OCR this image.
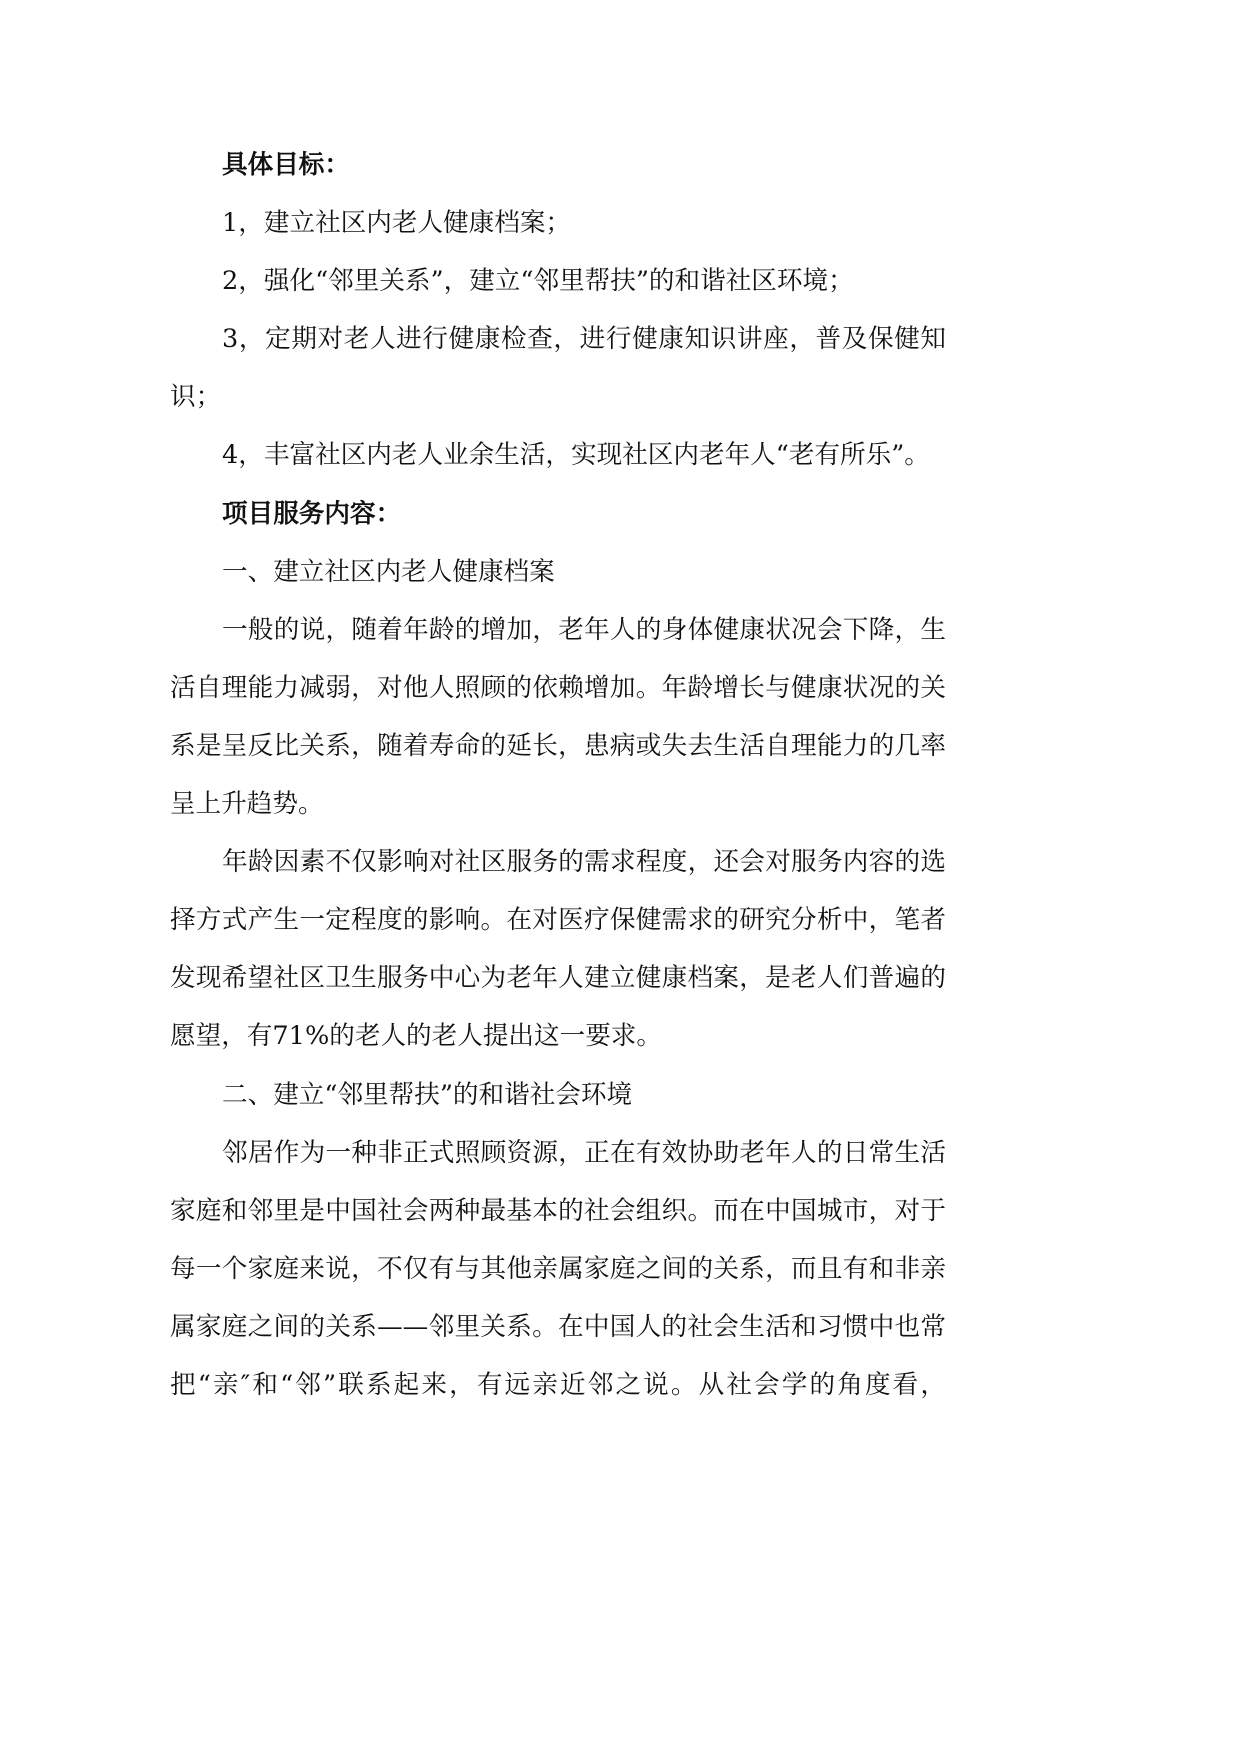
具体目标：
1，建立社区内老人健康档案；
2，强化“邻里关系”，建立“邻里帮扶”的和谐社区环境；
3，定期对老人进行健康检查，进行健康知识讲座，普及保健知
识；
4，丰富社区内老人业余生活，实现社区内老年人“老有所乐”。
项目服务内容：
一、建立社区内老人健康档案
一般的说，随着年龄的增加，老年人的身体健康状况会下降，生
活自理能力减弱，对他人照顾的依赖增加。年龄增长与健康状况的关
系是呈反比关系，随着寿命的延长，患病或失去生活自理能力的几率
呈上升趋势。
年龄因素不仅影响对社区服务的需求程度，还会对服务内容的选
择方式产生一定程度的影响。在对医疗保健需求的研究分析中，笔者
发现希望社区卫生服务中心为老年人建立健康档案，是老人们普遍的
愿望，有71%的老人的老人提出这一要求。
二、建立“邻里帮扶”的和谐社会环境
邻居作为一种非正式照顾资源，正在有效协助老年人的日常生活
家庭和邻里是中国社会两种最基本的社会组织。而在中国城市，对于
每一个家庭来说，不仅有与其他亲属家庭之间的关系，而且有和非亲
属家庭之间的关系——邻里关系。在中国人的社会生活和习惯中也常
把“亲″和“邻”联系起来，有远亲近邻之说。从社会学的角度看，
